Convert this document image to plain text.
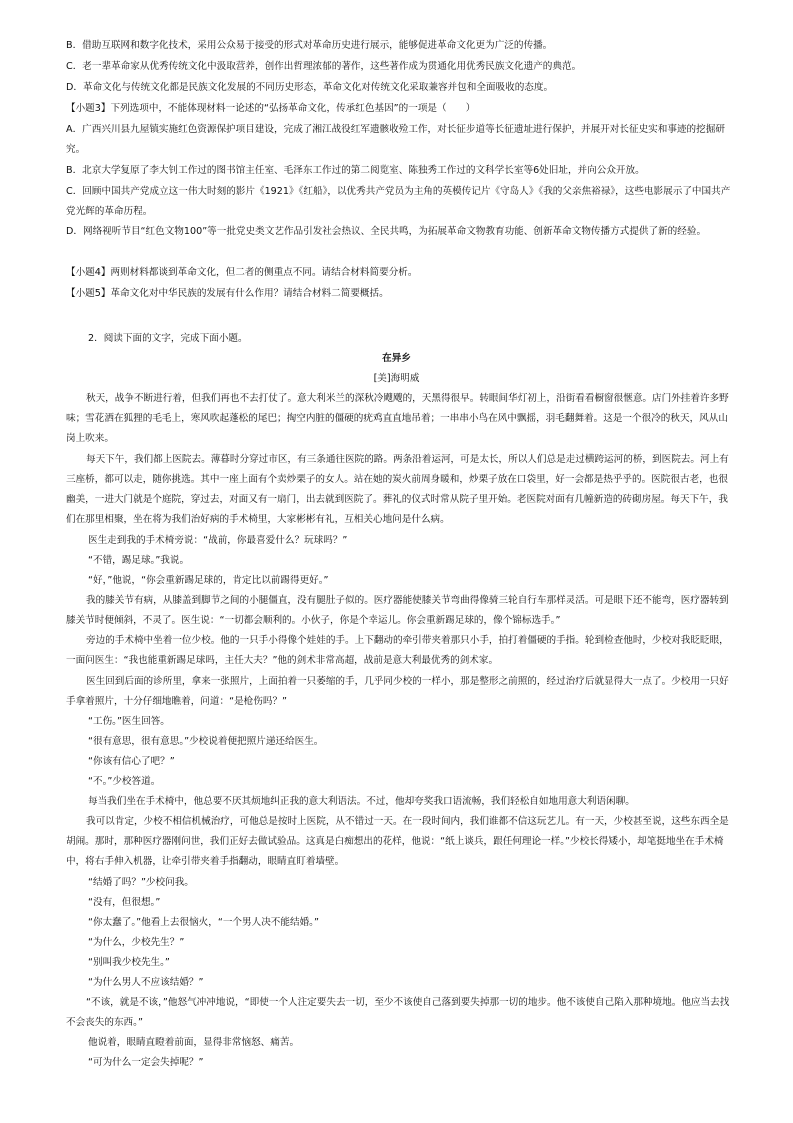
B．借助互联网和数字化技术，采用公众易于接受的形式对革命历史进行展示，能够促进革命文化更为广泛的传播。

C．老一辈革命家从优秀传统文化中汲取营养，创作出哲理浓郁的著作，这些著作成为贯通化用优秀民族文化遗产的典范。

D．革命文化与传统文化都是民族文化发展的不同历史形态，革命文化对传统文化采取兼容并包和全面吸收的态度。

【小题3】下列选项中，不能体现材料一论述的“弘扬革命文化，传承红色基因”的一项是（　　）

A．广西兴川县九屋镇实施红色资源保护项目建设，完成了湘江战役红军遗骸收殓工作，对长征步道等长征遗址进行保护，并展开对长征史实和事迹的挖掘研究。

B．北京大学复原了李大钊工作过的图书馆主任室、毛泽东工作过的第二阅览室、陈独秀工作过的文科学长室等6处旧址，并向公众开放。

C．回顾中国共产党成立这一伟大时刻的影片《1921》《红船》，以优秀共产党员为主角的英模传记片《守岛人》《我的父亲焦裕禄》，这些电影展示了中国共产党光辉的革命历程。

D．网络视听节目“红色文物100”等一批党史类文艺作品引发社会热议、全民共鸣，为拓展革命文物教育功能、创新革命文物传播方式提供了新的经验。

【小题4】两则材料都谈到革命文化，但二者的侧重点不同。请结合材料简要分析。

【小题5】革命文化对中华民族的发展有什么作用？请结合材料二简要概括。

2．阅读下面的文字，完成下面小题。

在异乡

[美]海明威

秋天，战争不断进行着，但我们再也不去打仗了。意大利米兰的深秋冷飕飕的，天黑得很早。转眼间华灯初上，沿街看看橱窗很惬意。店门外挂着许多野味；雪花洒在狐狸的毛毛上，寒风吹起蓬松的尾巴；掏空内脏的僵硬的疣鸡直直地吊着；一串串小鸟在风中飘摇，羽毛翻舞着。这是一个很冷的秋天，风从山岗上吹来。

每天下午，我们都上医院去。薄暮时分穿过市区，有三条通往医院的路。两条沿着运河，可是太长，所以人们总是走过横跨运河的桥，到医院去。河上有三座桥，都可以走，随你挑选。其中一座上面有个卖炒栗子的女人。站在她的炭火前周身暖和，炒栗子放在口袋里，好一会都是热乎乎的。医院很古老，也很幽美，一进大门就是个庭院，穿过去，对面又有一扇门，出去就到医院了。葬礼的仪式时常从院子里开始。老医院对面有几幢新造的砖砌房屋。每天下午，我们在那里相聚，坐在将为我们治好病的手术椅里，大家彬彬有礼，互相关心地问是什么病。

医生走到我的手术椅旁说：“战前，你最喜爱什么？玩球吗？”

“不错，踢足球。”我说。

“好，”他说，“你会重新踢足球的，肯定比以前踢得更好。”

我的膝关节有病，从膝盖到脚节之间的小腿僵直，没有腿肚子似的。医疗器能使膝关节弯曲得像骑三轮自行车那样灵活。可是眼下还不能弯，医疗器转到膝关节时便倾斜，不灵了。医生说：“一切都会顺利的。小伙子，你是个幸运儿。你会重新踢足球的，像个锦标选手。”

旁边的手术椅中坐着一位少校。他的一只手小得像个娃娃的手。上下翻动的牵引带夹着那只小手，拍打着僵硬的手指。轮到检查他时，少校对我眨眨眼，一面问医生：“我也能重新踢足球吗，主任大夫？”他的剑术非常高超，战前是意大利最优秀的剑术家。

医生回到后面的诊所里，拿来一张照片，上面拍着一只萎缩的手，几乎同少校的一样小，那是整形之前照的，经过治疗后就显得大一点了。少校用一只好手拿着照片，十分仔细地瞧着，问道：“是枪伤吗？”

“工伤。”医生回答。

“很有意思，很有意思。”少校说着便把照片递还给医生。

“你该有信心了吧？”

“不。”少校答道。

每当我们坐在手术椅中，他总要不厌其烦地纠正我的意大利语法。不过，他却夸奖我口语流畅，我们轻松自如地用意大利语闲聊。

我可以肯定，少校不相信机械治疗，可他总是按时上医院，从不错过一天。在一段时间内，我们谁都不信这玩艺儿。有一天，少校甚至说，这些东西全是胡闹。那时，那种医疗器刚问世，我们正好去做试验品。这真是白痴想出的花样，他说：“纸上谈兵，跟任何理论一样。”少校长得矮小，却笔挺地坐在手术椅中，将右手伸入机器，让牵引带夹着手指翻动，眼睛直盯着墙壁。

“结婚了吗？”少校问我。

“没有，但很想。”

“你太蠢了。”他看上去很恼火，“一个男人决不能结婚。”

“为什么，少校先生？”

“别叫我少校先生。”

“为什么男人不应该结婚？”

“不该，就是不该，”他怒气冲冲地说，“即使一个人注定要失去一切，至少不该使自己落到要失掉那一切的地步。他不该使自己陷入那种境地。他应当去找不会丧失的东西。”

他说着，眼睛直瞪着前面，显得非常恼怒、痛苦。

“可为什么一定会失掉呢？”
